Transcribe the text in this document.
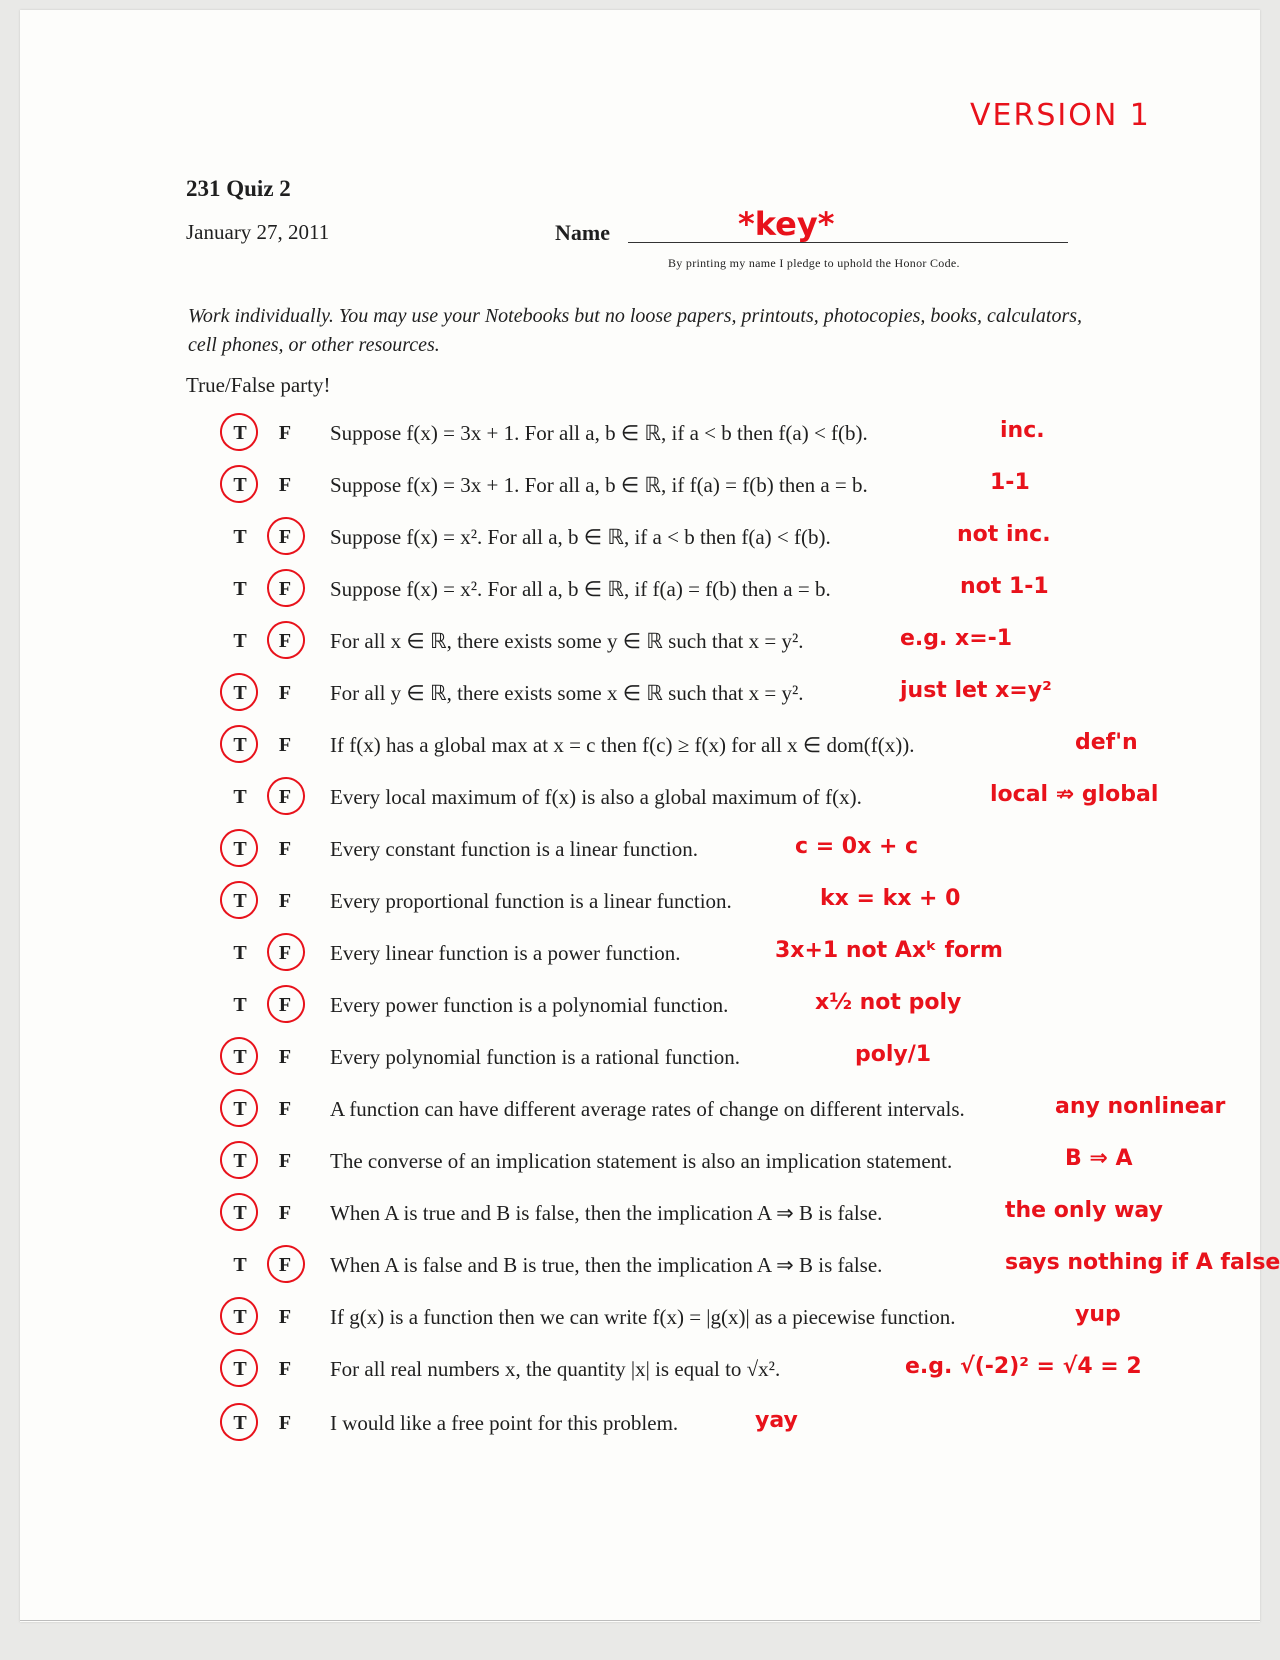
VERSION 1
231 Quiz 2
January 27, 2011	Name	*key*
By printing my name I pledge to uphold the Honor Code.
Work individually. You may use your Notebooks but no loose papers, printouts, photocopies, books, calculators, cell phones, or other resources.
True/False party!
T	F	Suppose f(x) = 3x + 1. For all a, b ∈ ℝ, if a < b then f(a) < f(b).	inc.
T	F	Suppose f(x) = 3x + 1. For all a, b ∈ ℝ, if f(a) = f(b) then a = b.	1-1
T	F	Suppose f(x) = x². For all a, b ∈ ℝ, if a < b then f(a) < f(b).	not inc.
T	F	Suppose f(x) = x². For all a, b ∈ ℝ, if f(a) = f(b) then a = b.	not 1-1
T	F	For all x ∈ ℝ, there exists some y ∈ ℝ such that x = y².	e.g. x=-1
T	F	For all y ∈ ℝ, there exists some x ∈ ℝ such that x = y².	just let x=y²
T	F	If f(x) has a global max at x = c then f(c) ≥ f(x) for all x ∈ dom(f(x)).	def'n
T	F	Every local maximum of f(x) is also a global maximum of f(x).	local ⇏ global
T	F	Every constant function is a linear function.	c = 0x + c
T	F	Every proportional function is a linear function.	kx = kx + 0
T	F	Every linear function is a power function.	3x+1 not Axᵏ form
T	F	Every power function is a polynomial function.	x½ not poly
T	F	Every polynomial function is a rational function.	poly/1
T	F	A function can have different average rates of change on different intervals.	any nonlinear
T	F	The converse of an implication statement is also an implication statement.	B ⇒ A
T	F	When A is true and B is false, then the implication A ⇒ B is false.	the only way
T	F	When A is false and B is true, then the implication A ⇒ B is false.	says nothing if A false
T	F	If g(x) is a function then we can write f(x) = |g(x)| as a piecewise function.	yup
T	F	For all real numbers x, the quantity |x| is equal to √x².	e.g. √(-2)² = √4 = 2
T	F	I would like a free point for this problem.	yay
